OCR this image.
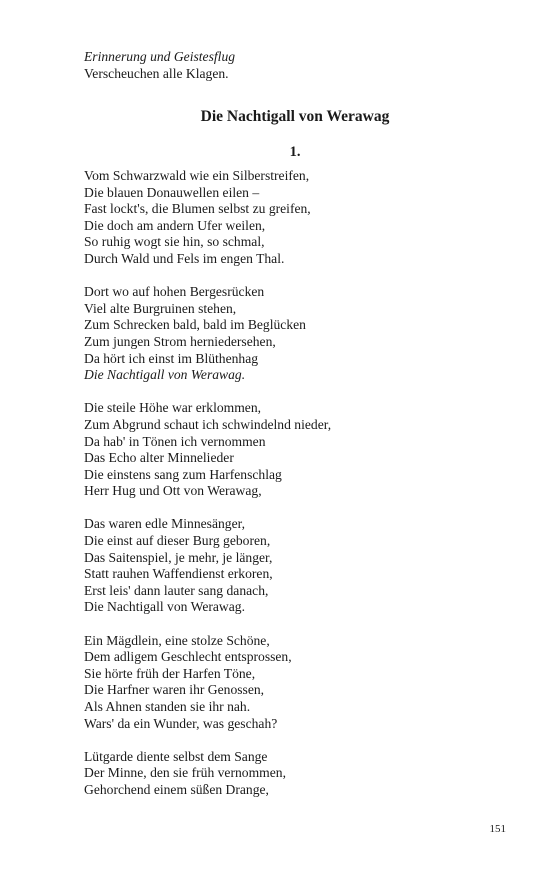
Erinnerung und Geistesflug
Verscheuchen alle Klagen.
Die Nachtigall von Werawag
1.
Vom Schwarzwald wie ein Silberstreifen,
Die blauen Donauwellen eilen –
Fast lockt's, die Blumen selbst zu greifen,
Die doch am andern Ufer weilen,
So ruhig wogt sie hin, so schmal,
Durch Wald und Fels im engen Thal.
Dort wo auf hohen Bergesrücken
Viel alte Burgruinen stehen,
Zum Schrecken bald, bald im Beglücken
Zum jungen Strom herniedersehen,
Da hört ich einst im Blüthenhag
Die Nachtigall von Werawag.
Die steile Höhe war erklommen,
Zum Abgrund schaut ich schwindelnd nieder,
Da hab' in Tönen ich vernommen
Das Echo alter Minnelieder
Die einstens sang zum Harfenschlag
Herr Hug und Ott von Werawag,
Das waren edle Minnesänger,
Die einst auf dieser Burg geboren,
Das Saitenspiel, je mehr, je länger,
Statt rauhen Waffendienst erkoren,
Erst leis' dann lauter sang danach,
Die Nachtigall von Werawag.
Ein Mägdlein, eine stolze Schöne,
Dem adligem Geschlecht entsprossen,
Sie hörte früh der Harfen Töne,
Die Harfner waren ihr Genossen,
Als Ahnen standen sie ihr nah.
Wars' da ein Wunder, was geschah?
Lütgarde diente selbst dem Sange
Der Minne, den sie früh vernommen,
Gehorchend einem süßen Drange,
151
